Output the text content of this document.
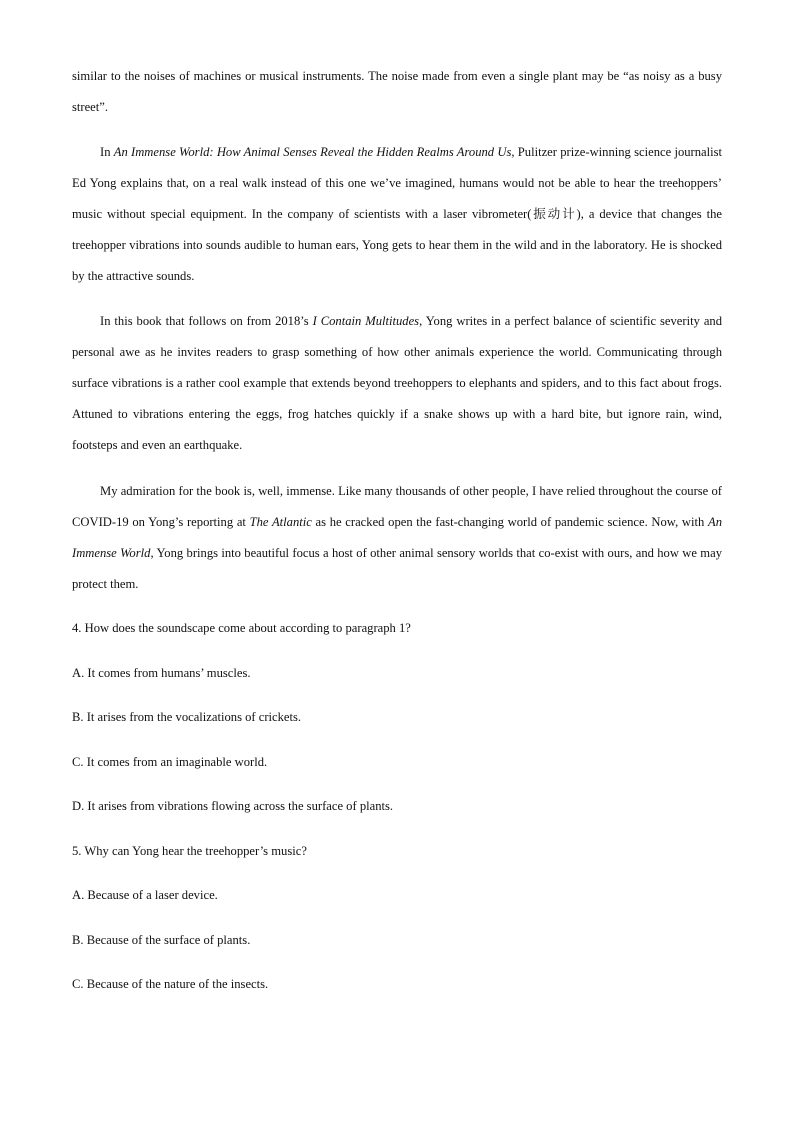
similar to the noises of machines or musical instruments. The noise made from even a single plant may be “as noisy as a busy street”.

In An Immense World: How Animal Senses Reveal the Hidden Realms Around Us, Pulitzer prize-winning science journalist Ed Yong explains that, on a real walk instead of this one we’ve imagined, humans would not be able to hear the treehoppers’ music without special equipment. In the company of scientists with a laser vibrometer(振动计), a device that changes the treehopper vibrations into sounds audible to human ears, Yong gets to hear them in the wild and in the laboratory. He is shocked by the attractive sounds.

In this book that follows on from 2018’s I Contain Multitudes, Yong writes in a perfect balance of scientific severity and personal awe as he invites readers to grasp something of how other animals experience the world. Communicating through surface vibrations is a rather cool example that extends beyond treehoppers to elephants and spiders, and to this fact about frogs. Attuned to vibrations entering the eggs, frog hatches quickly if a snake shows up with a hard bite, but ignore rain, wind, footsteps and even an earthquake.

My admiration for the book is, well, immense. Like many thousands of other people, I have relied throughout the course of COVID-19 on Yong’s reporting at The Atlantic as he cracked open the fast-changing world of pandemic science. Now, with An Immense World, Yong brings into beautiful focus a host of other animal sensory worlds that co-exist with ours, and how we may protect them.

4. How does the soundscape come about according to paragraph 1?

A. It comes from humans’ muscles.

B. It arises from the vocalizations of crickets.

C. It comes from an imaginable world.

D. It arises from vibrations flowing across the surface of plants.

5. Why can Yong hear the treehopper’s music?

A. Because of a laser device.

B. Because of the surface of plants.

C. Because of the nature of the insects.
